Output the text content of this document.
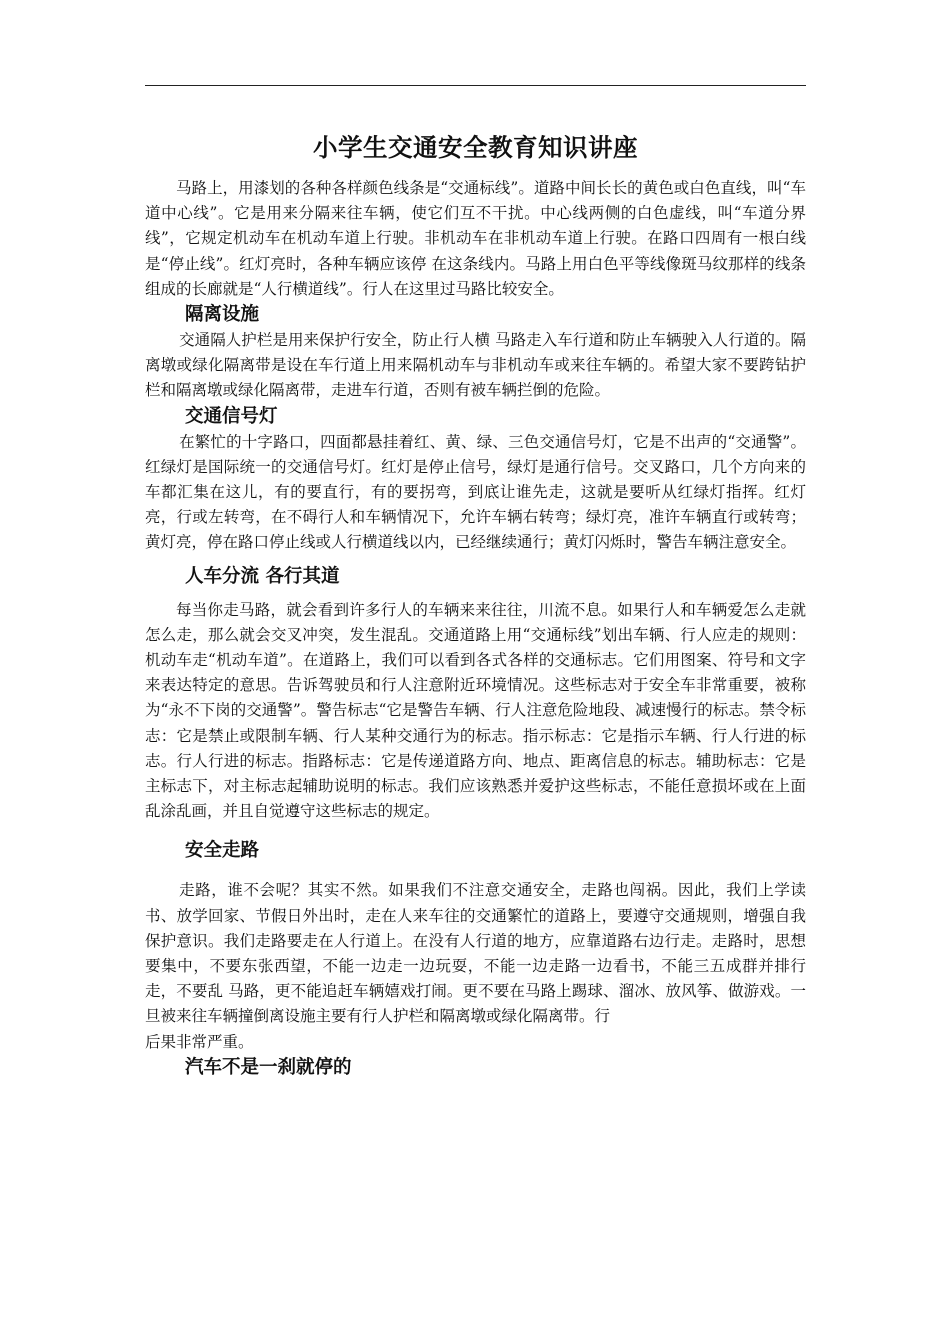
小学生交通安全教育知识讲座

马路上，用漆划的各种各样颜色线条是“交通标线”。道路中间长长的黄色或白色直线，叫“车道中心线”。它是用来分隔来往车辆，使它们互不干扰。中心线两侧的白色虚线，叫“车道分界线”，它规定机动车在机动车道上行驶。非机动车在非机动车道上行驶。在路口四周有一根白线是“停止线”。红灯亮时，各种车辆应该停 在这条线内。马路上用白色平等线像斑马纹那样的线条组成的长廊就是“人行横道线”。行人在这里过马路比较安全。

隔离设施

交通隔人护栏是用来保护行安全，防止行人横 马路走入车行道和防止车辆驶入人行道的。隔离墩或绿化隔离带是设在车行道上用来隔机动车与非机动车或来往车辆的。希望大家不要跨钻护栏和隔离墩或绿化隔离带，走进车行道，否则有被车辆拦倒的危险。

交通信号灯

在繁忙的十字路口，四面都悬挂着红、黄、绿、三色交通信号灯，它是不出声的“交通警”。红绿灯是国际统一的交通信号灯。红灯是停止信号，绿灯是通行信号。交叉路口，几个方向来的车都汇集在这儿，有的要直行，有的要拐弯，到底让谁先走，这就是要听从红绿灯指挥。红灯亮，行或左转弯，在不碍行人和车辆情况下，允许车辆右转弯；绿灯亮，准许车辆直行或转弯；黄灯亮，停在路口停止线或人行横道线以内，已经继续通行；黄灯闪烁时，警告车辆注意安全。

人车分流 各行其道

每当你走马路，就会看到许多行人的车辆来来往往，川流不息。如果行人和车辆爱怎么走就怎么走，那么就会交叉冲突，发生混乱。交通道路上用“交通标线”划出车辆、行人应走的规则：机动车走“机动车道”。在道路上，我们可以看到各式各样的交通标志。它们用图案、符号和文字来表达特定的意思。告诉驾驶员和行人注意附近环境情况。这些标志对于安全车非常重要，被称为“永不下岗的交通警”。警告标志“它是警告车辆、行人注意危险地段、减速慢行的标志。禁令标志：它是禁止或限制车辆、行人某种交通行为的标志。指示标志：它是指示车辆、行人行进的标志。行人行进的标志。指路标志：它是传递道路方向、地点、距离信息的标志。辅助标志：它是主标志下，对主标志起辅助说明的标志。我们应该熟悉并爱护这些标志，不能任意损坏或在上面乱涂乱画，并且自觉遵守这些标志的规定。

安全走路

走路，谁不会呢？其实不然。如果我们不注意交通安全，走路也闯祸。因此，我们上学读书、放学回家、节假日外出时，走在人来车往的交通繁忙的道路上，要遵守交通规则，增强自我保护意识。我们走路要走在人行道上。在没有人行道的地方，应靠道路右边行走。走路时，思想要集中，不要东张西望，不能一边走一边玩耍，不能一边走路一边看书，不能三五成群并排行走，不要乱 马路，更不能追赶车辆嬉戏打闹。更不要在马路上踢球、溜冰、放风筝、做游戏。一旦被来往车辆撞倒离设施主要有行人护栏和隔离墩或绿化隔离带。行

后果非常严重。

汽车不是一刹就停的
